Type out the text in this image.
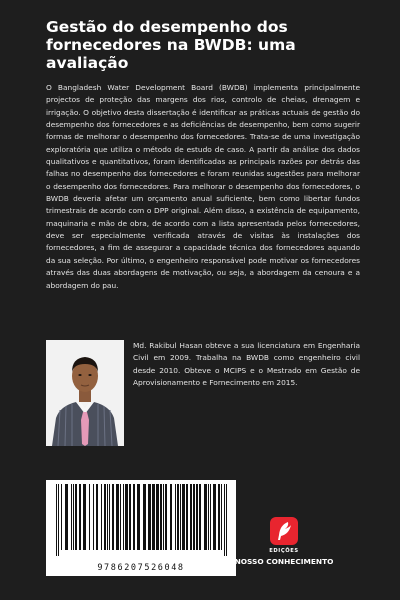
Gestão do desempenho dos fornecedores na BWDB: uma avaliação

O Bangladesh Water Development Board (BWDB) implementa principalmente projectos de proteção das margens dos rios, controlo de cheias, drenagem e irrigação. O objetivo desta dissertação é identificar as práticas actuais de gestão do desempenho dos fornecedores e as deficiências de desempenho, bem como sugerir formas de melhorar o desempenho dos fornecedores. Trata-se de uma investigação exploratória que utiliza o método de estudo de caso. A partir da análise dos dados qualitativos e quantitativos, foram identificadas as principais razões por detrás das falhas no desempenho dos fornecedores e foram reunidas sugestões para melhorar o desempenho dos fornecedores. Para melhorar o desempenho dos fornecedores, o BWDB deveria afetar um orçamento anual suficiente, bem como libertar fundos trimestrais de acordo com o DPP original. Além disso, a existência de equipamento, maquinaria e mão de obra, de acordo com a lista apresentada pelos fornecedores, deve ser especialmente verificada através de visitas às instalações dos fornecedores, a fim de assegurar a capacidade técnica dos fornecedores aquando da sua seleção. Por último, o engenheiro responsável pode motivar os fornecedores através das duas abordagens de motivação, ou seja, a abordagem da cenoura e a abordagem do pau.

Md. Rakibul Hasan obteve a sua licenciatura em Engenharia Civil em 2009. Trabalha na BWDB como engenheiro civil desde 2010. Obteve o MCIPS e o Mestrado em Gestão de Aprovisionamento e Fornecimento em 2015.

9786207526048
EDIÇÕES
NOSSO CONHECIMENTO
